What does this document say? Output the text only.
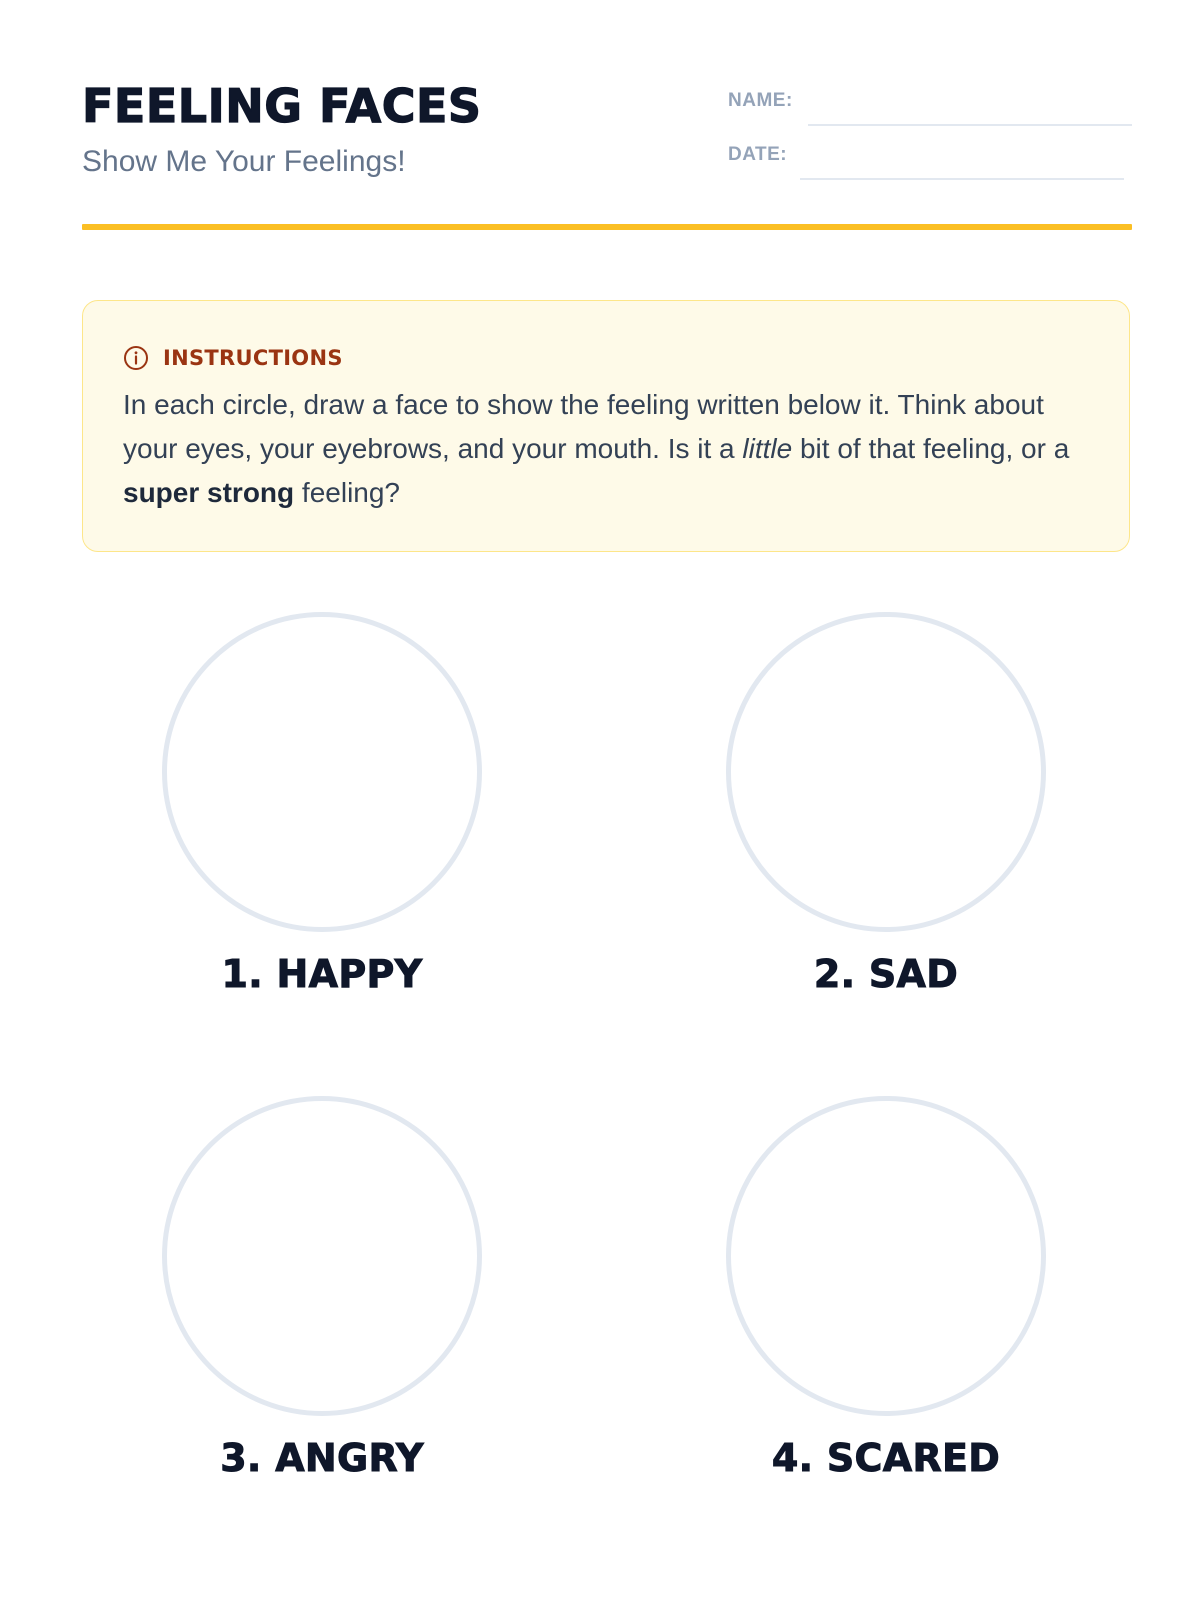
FEELING FACES
Show Me Your Feelings!
NAME:
DATE:
INSTRUCTIONS
In each circle, draw a face to show the feeling written below it. Think about your eyes, your eyebrows, and your mouth. Is it a little bit of that feeling, or a super strong feeling?
1. HAPPY	2. SAD
3. ANGRY	4. SCARED
